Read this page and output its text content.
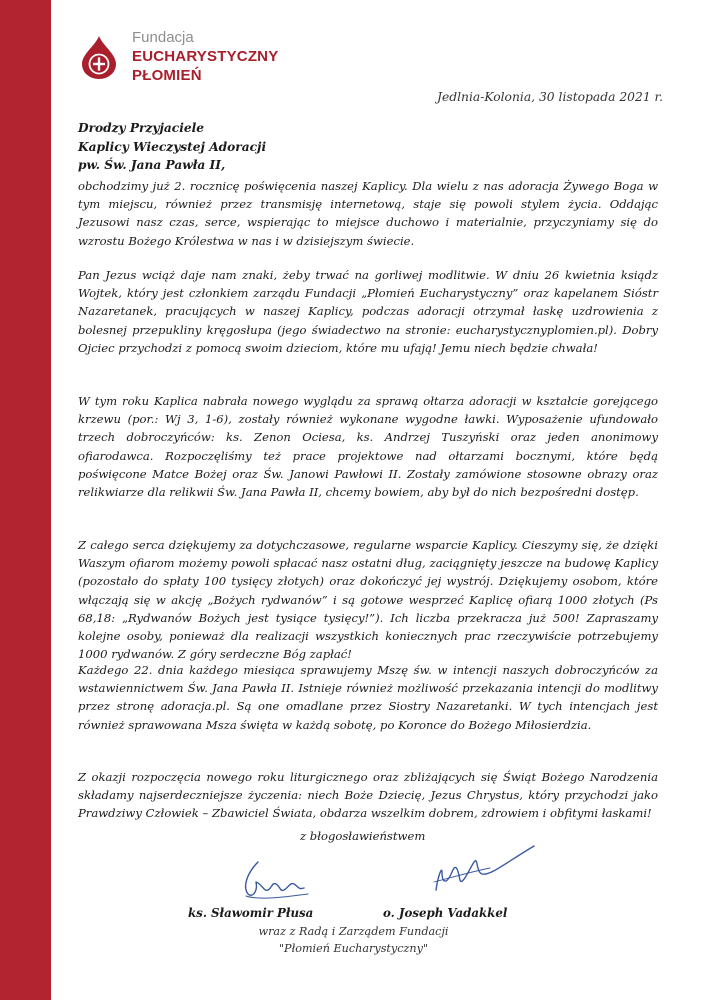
Fundacja
EUCHARYSTYCZNY
PŁOMIEŃ
Jedlnia-Kolonia, 30 listopada 2021 r.
Drodzy Przyjaciele
Kaplicy Wieczystej Adoracji
pw. Św. Jana Pawła II,

obchodzimy już 2. rocznicę poświęcenia naszej Kaplicy. Dla wielu z nas adoracja Żywego Boga w tym miejscu, również przez transmisję internetową, staje się powoli stylem życia. Oddając Jezusowi nasz czas, serce, wspierając to miejsce duchowo i materialnie, przyczyniamy się do wzrostu Bożego Królestwa w nas i w dzisiejszym świecie.

Pan Jezus wciąż daje nam znaki, żeby trwać na gorliwej modlitwie. W dniu 26 kwietnia ksiądz Wojtek, który jest członkiem zarządu Fundacji „Płomień Eucharystyczny” oraz kapelanem Sióstr Nazaretanek, pracujących w naszej Kaplicy, podczas adoracji otrzymał łaskę uzdrowienia z bolesnej przepukliny kręgosłupa (jego świadectwo na stronie: eucharystycznyplomien.pl). Dobry Ojciec przychodzi z pomocą swoim dzieciom, które mu ufają! Jemu niech będzie chwała!

W tym roku Kaplica nabrała nowego wyglądu za sprawą ołtarza adoracji w kształcie gorejącego krzewu (por.: Wj 3, 1-6), zostały również wykonane wygodne ławki. Wyposażenie ufundowało trzech dobroczyńców: ks. Zenon Ociesa, ks. Andrzej Tuszyński oraz jeden anonimowy ofiarodawca. Rozpoczęliśmy też prace projektowe nad ołtarzami bocznymi, które będą poświęcone Matce Bożej oraz Św. Janowi Pawłowi II. Zostały zamówione stosowne obrazy oraz relikwiarze dla relikwii Św. Jana Pawła II, chcemy bowiem, aby był do nich bezpośredni dostęp.

Z całego serca dziękujemy za dotychczasowe, regularne wsparcie Kaplicy. Cieszymy się, że dzięki Waszym ofiarom możemy powoli spłacać nasz ostatni dług, zaciągnięty jeszcze na budowę Kaplicy (pozostało do spłaty 100 tysięcy złotych) oraz dokończyć jej wystrój. Dziękujemy osobom, które włączają się w akcję „Bożych rydwanów” i są gotowe wesprzeć Kaplicę ofiarą 1000 złotych (Ps 68,18: „Rydwanów Bożych jest tysiące tysięcy!”). Ich liczba przekracza już 500! Zapraszamy kolejne osoby, ponieważ dla realizacji wszystkich koniecznych prac rzeczywiście potrzebujemy 1000 rydwanów. Z góry serdeczne Bóg zapłać!

Każdego 22. dnia każdego miesiąca sprawujemy Mszę św. w intencji naszych dobroczyńców za wstawiennictwem Św. Jana Pawła II. Istnieje również możliwość przekazania intencji do modlitwy przez stronę adoracja.pl. Są one omadlane przez Siostry Nazaretanki. W tych intencjach jest również sprawowana Msza święta w każdą sobotę, po Koronce do Bożego Miłosierdzia.

Z okazji rozpoczęcia nowego roku liturgicznego oraz zbliżających się Świąt Bożego Narodzenia składamy najserdeczniejsze życzenia: niech Boże Dziecię, Jezus Chrystus, który przychodzi jako Prawdziwy Człowiek – Zbawiciel Świata, obdarza wszelkim dobrem, zdrowiem i obfitymi łaskami!

z błogosławieństwem
ks. Sławomir Płusa	o. Joseph Vadakkel
wraz z Radą i Zarządem Fundacji
"Płomień Eucharystyczny"
